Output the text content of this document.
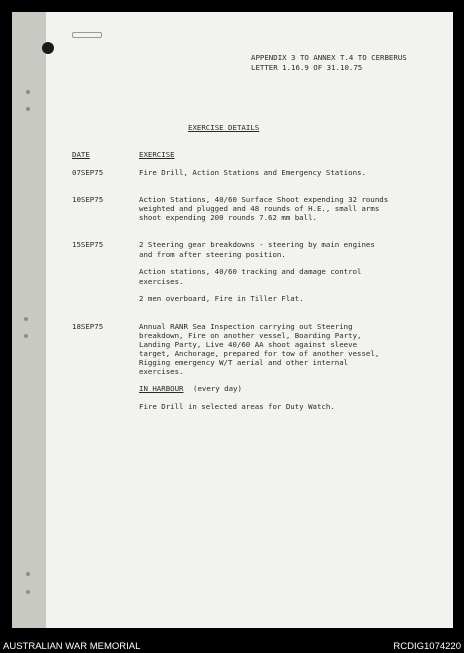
APPENDIX 3 TO ANNEX T.4 TO CERBERUS
LETTER 1.16.9 OF 31.10.75
EXERCISE DETAILS
DATE	EXERCISE
07SEP75	Fire Drill, Action Stations and Emergency Stations.
10SEP75	Action Stations, 40/60 Surface Shoot expending 32 rounds
weighted and plugged and 48 rounds of H.E., small arms
shoot expending 200 rounds 7.62 mm ball.
15SEP75	2 Steering gear breakdowns - steering by main engines
and from after steering position.
Action stations, 40/60 tracking and damage control
exercises.
2 men overboard, Fire in Tiller Flat.
18SEP75	Annual RANR Sea Inspection carrying out Steering
breakdown, Fire on another vessel, Boarding Party,
Landing Party, Live 40/60 AA shoot against sleeve
target, Anchorage, prepared for tow of another vessel,
Rigging emergency W/T aerial and other internal
exercises.
IN HARBOUR (every day)
Fire Drill in selected areas for Duty Watch.
AUSTRALIAN WAR MEMORIAL	RCDIG1074220
